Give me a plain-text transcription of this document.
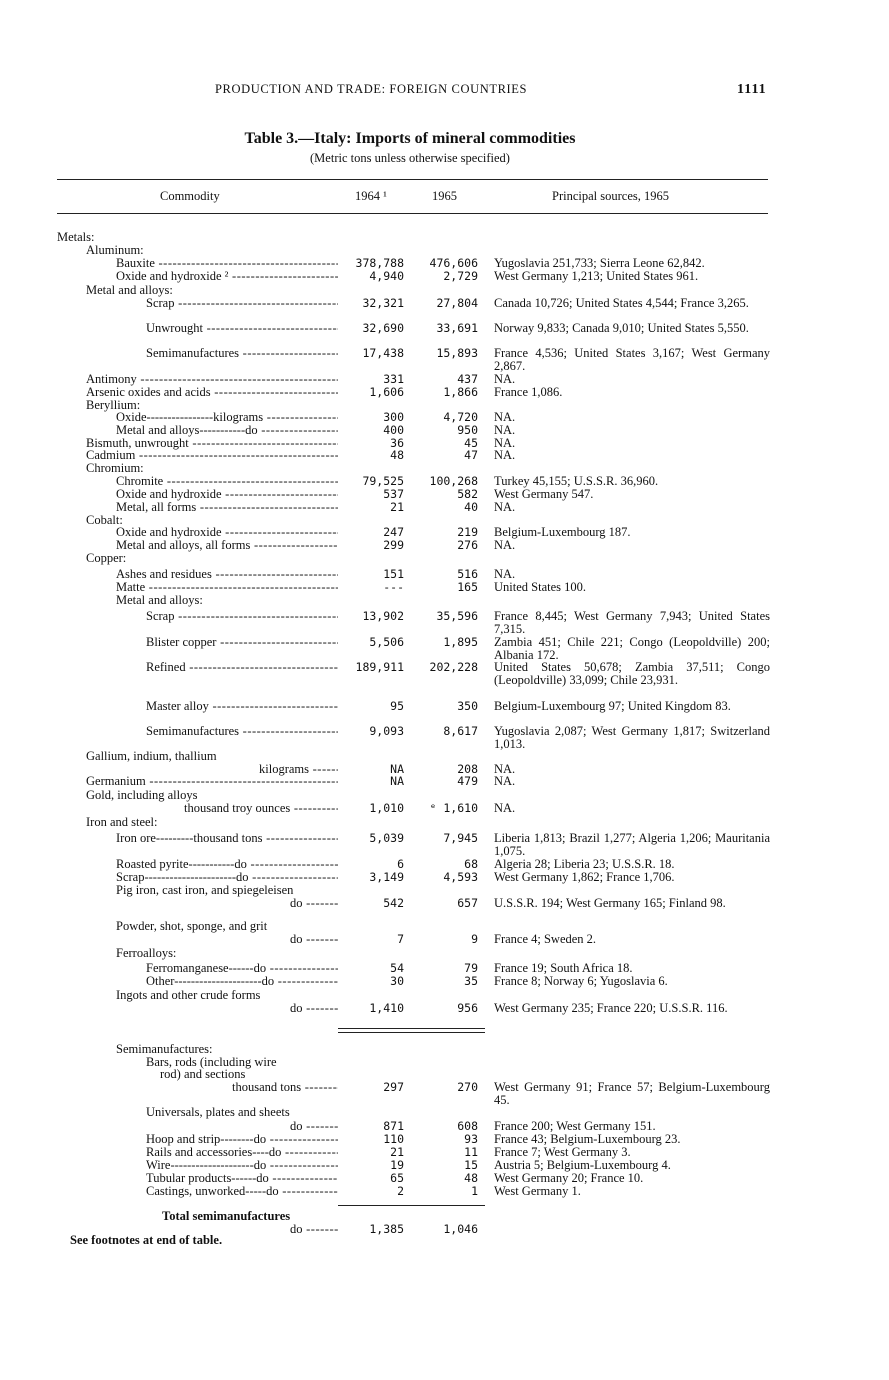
PRODUCTION AND TRADE: FOREIGN COUNTRIES	1111
Table 3.—Italy: Imports of mineral commodities
(Metric tons unless otherwise specified)
Commodity	1964 ¹	1965	Principal sources, 1965
Metals:
Aluminum:
Bauxite -----	378,788 476,606 Yugoslavia 251,733; Sierra Leone 62,842.
Oxide and hydroxide ² -----	4,940	2,729 West Germany 1,213; United States 961.
Metal and alloys:
Scrap -----	32,321	27,804 Canada 10,726; United States 4,544; France 3,265.
Unwrought -----	32,690	33,691 Norway 9,833; Canada 9,010; United States 5,550.
Semimanufactures -----	17,438	15,893 France 4,536; United States 3,167; West Germany 2,867.
Antimony -----	331	437 NA.
Arsenic oxides and acids -----	1,606	1,866 France 1,086.
Beryllium:
Oxide----------------kilograms -----	300	4,720 NA.
Metal and alloys-----------do -----	400	950 NA.
Bismuth, unwrought -----	36	45 NA.
Cadmium -----	48	47 NA.
Chromium:
Chromite -----	79,525 100,268 Turkey 45,155; U.S.S.R. 36,960.
Oxide and hydroxide -----	537	582 West Germany 547.
Metal, all forms -----	21	40 NA.
Cobalt:
Oxide and hydroxide -----	247	219 Belgium-Luxembourg 187.
Metal and alloys, all forms -----	299	276 NA.
Copper:
Ashes and residues -----	151	516 NA.
Matte -----	---	165 United States 100.
Metal and alloys:
Scrap -----	13,902	35,596 France 8,445; West Germany 7,943; United States 7,315.
Blister copper -----	5,506	1,895 Zambia 451; Chile 221; Congo (Leopoldville) 200; Albania 172.
Refined -----	189,911 202,228 United States 50,678; Zambia 37,511; Congo (Leopoldville) 33,099; Chile 23,931.
Master alloy -----	95	350 Belgium-Luxembourg 97; United Kingdom 83.
Semimanufactures -----	9,093	8,617 Yugoslavia 2,087; West Germany 1,817; Switzerland 1,013.
Gallium, indium, thallium
kilograms -----	NA	208 NA.
Germanium -----	NA	479 NA.
Gold, including alloys
thousand troy ounces -----	1,010 ᵉ 1,610 NA.
Iron and steel:
Iron ore---------thousand tons -----	5,039	7,945 Liberia 1,813; Brazil 1,277; Algeria 1,206; Mauritania 1,075.
Roasted pyrite-----------do -----	6	68 Algeria 28; Liberia 23; U.S.S.R. 18.
Scrap----------------------do -----	3,149	4,593 West Germany 1,862; France 1,706.
Pig iron, cast iron, and spiegeleisen
do -----	542	657 U.S.S.R. 194; West Germany 165; Finland 98.
Powder, shot, sponge, and grit
do -----	7	9 France 4; Sweden 2.
Ferroalloys:
Ferromanganese------do -----	54	79 France 19; South Africa 18.
Other---------------------do -----	30	35 France 8; Norway 6; Yugoslavia 6.
Ingots and other crude forms
do -----	1,410	956 West Germany 235; France 220; U.S.S.R. 116.
Semimanufactures:
Bars, rods (including wire
rod) and sections
thousand tons -----	297	270 West Germany 91; France 57; Belgium-Luxembourg 45.
Universals, plates and sheets
do -----	871	608 France 200; West Germany 151.
Hoop and strip--------do -----	110	93 France 43; Belgium-Luxembourg 23.
Rails and accessories----do -----	21	11 France 7; West Germany 3.
Wire--------------------do -----	19	15 Austria 5; Belgium-Luxembourg 4.
Tubular products------do -----	65	48 West Germany 20; France 10.
Castings, unworked-----do -----	2	1 West Germany 1.
Total semimanufactures
do -----	1,385	1,046
See footnotes at end of table.
